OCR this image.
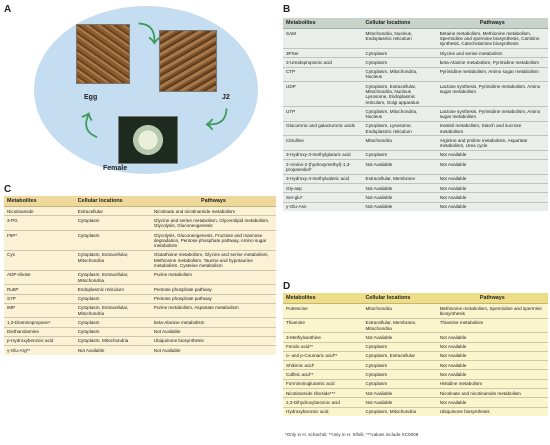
A
Egg	J2
Female
⤵
⤵
⤵
B
Metabolites	Cellular locations	Pathways
SAM	Mitochondria, Nucleus, Endoplasmic reticulum	Betaine metabolism, Methionine metabolism, Spermidine and spermine biosynthesis, Carnitine synthesis, Catecholamine biosynthesis
3PSer	Cytoplasm	Glycine and serine metabolism
3-Ureidopropionic acid	Cytoplasm	beta-Alanine metabolism, Pyrimidine metabolism
CTP	Cytoplasm, Mitochondria, Nucleus	Pyrimidine metabolism, Amino sugar metabolism
UDP	Cytoplasm, Extracellular, Mitochondria, Nucleus Lysosome, Endoplasmic reticulum, Golgi apparatus	Lactose synthesis, Pyrimidine metabolism, Amino sugar metabolism
UTP	Cytoplasm, Mitochondria, Nucleus	Lactose synthesis, Pyrimidine metabolism, Amino sugar metabolism
Glucuronic and galacturonic acids	Cytoplasm, Lysosome, Endoplasmic reticulum	Inositol metabolism, Starch and sucrose metabolism
Citrulline	Mitochondria	Arginine and proline metabolism, Aspartate metabolism, Urea cycle
3-Hydroxy-3-methylglutaric acid	Cytoplasm	Not Available
2-Amino-2-(hydroxymethyl)-1,3-propanediol*	Not Available	Not Available
3-Hydroxy-4-methylvaleric acid	Extracellular, Membrane	Not Available
Gly-asp	Not Available	Not Available
Ser-glu*	Not Available	Not Available
γ-Glu-Asn	Not Available	Not Available
C
Metabolites	Cellular locations	Pathways
Nicotinamide	Extracellular	Nicotinate and nicotinamide metabolism
3-PG	Cytoplasm	Glycine and serine metabolism, Glycerolipid metabolism, Glycolysis, Gluconeogenesis
F6P*	Cytoplasm	Glycolysis, Gluconeogenesis, Fructose and mannose degradation, Pentose phosphate pathway, Amino sugar metabolism
Cys	Cytoplasm, Extracellular, Mitochondria	Glutathione metabolism, Glycine and serine metabolism, Methionine metabolism, Taurine and hypotaurine metabolism, Cysteine metabolism
ADP-ribose	Cytoplasm, Extracellular, Mitochondria	Purine metabolism
Ru5P	Endoplasmic reticulum	Pentose phosphate pathway
S7P	Cytoplasm	Pentose phosphate pathway
IMP	Cytoplasm, Extracellular, Mitochondria	Purine metabolism, Aspartate metabolism
1,3-Diaminopropane*	Cytoplasm	beta-Alanine metabolism
Diethanolamine	Cytoplasm	Not Available
p-Hydroxybenzoic acid	Cytoplasm, Mitochondria	Ubiquinone biosynthesis
γ-Glu-Arg**	Not Available	Not Available
D
Metabolites	Cellular locations	Pathways
Putrescine	Mitochondria	Methionine metabolism, Spermidine and spermine biosynthesis
Thiamine	Extracellular, Membrane, Mitochondria	Thiamine metabolism
3-Methylxanthine	Not Available	Not Available
Ferulic acid**	Cytoplasm	Not Available
o- and p-Coumaric acid**	Cytoplasm, Extracellular	Not Available
Shikimic acid*	Cytoplasm	Not Available
Caffeic acid**	Cytoplasm	Not Available
Formiminoglutamic acid	Cytoplasm	Histidine metabolism
Nicotinamide riboside***	Not Available	Nicotinate and nicotinamide metabolism
2,3-Dihydroxybenzoic acid	Not Available	Not Available
Hydroxybenzoic acid	Cytoplasm, Mitochondria	Ubiquinone biosynthesis
*Only in H. schachtii; **only in H. trifolii; ***values include XC0009
